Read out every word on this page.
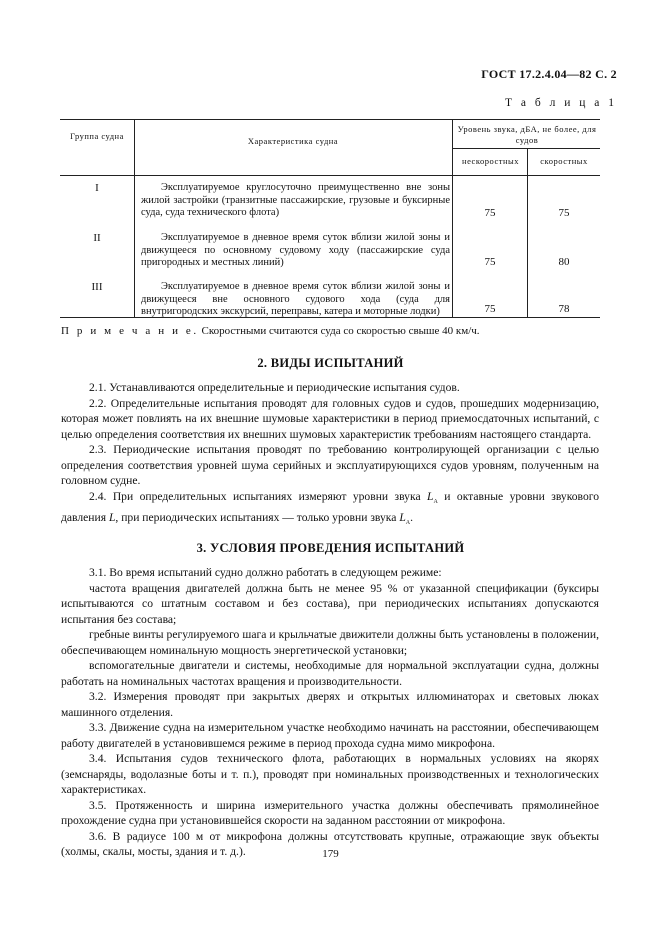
ГОСТ 17.2.4.04—82 С. 2
Т а б л и ц а 1
Группа судна	Характеристика судна
Уровень звука, дБА, не более, для судов
нескоростных	скоростных
I	Эксплуатируемое круглосуточно преимущественно вне зоны жилой застройки (транзитные пассажирские, грузовые и буксирные суда, суда технического флота)	75	75
II	Эксплуатируемое в дневное время суток вблизи жилой зоны и движущееся по основному судовому ходу (пассажирские суда пригородных и местных линий)	75	80
III	Эксплуатируемое в дневное время суток вблизи жилой зоны и движущееся вне основного судового хода (суда для внутригородских экскурсий, переправы, катера и моторные лодки)	75	78
П р и м е ч а н и е. Скоростными считаются суда со скоростью свыше 40 км/ч.
2. ВИДЫ ИСПЫТАНИЙ

2.1. Устанавливаются определительные и периодические испытания судов.

2.2. Определительные испытания проводят для головных судов и судов, прошедших модернизацию, которая может повлиять на их внешние шумовые характеристики в период приемосдаточных испытаний, с целью определения соответствия их внешних шумовых характеристик требованиям настоящего стандарта.

2.3. Периодические испытания проводят по требованию контролирующей организации с целью определения соответствия уровней шума серийных и эксплуатирующихся судов уровням, полученным на головном судне.

2.4. При определительных испытаниях измеряют уровни звука $L_А$ и октавные уровни звукового давления L, при периодических испытаниях — только уровни звука $L_А$.

3. УСЛОВИЯ ПРОВЕДЕНИЯ ИСПЫТАНИЙ

3.1. Во время испытаний судно должно работать в следующем режиме:

частота вращения двигателей должна быть не менее 95 % от указанной спецификации (буксиры испытываются со штатным составом и без состава), при периодических испытаниях допускаются испытания без состава;

гребные винты регулируемого шага и крыльчатые движители должны быть установлены в положении, обеспечивающем номинальную мощность энергетической установки;

вспомогательные двигатели и системы, необходимые для нормальной эксплуатации судна, должны работать на номинальных частотах вращения и производительности.

3.2. Измерения проводят при закрытых дверях и открытых иллюминаторах и световых люках машинного отделения.

3.3. Движение судна на измерительном участке необходимо начинать на расстоянии, обеспечивающем работу двигателей в установившемся режиме в период прохода судна мимо микрофона.

3.4. Испытания судов технического флота, работающих в нормальных условиях на якорях (земснаряды, водолазные боты и т. п.), проводят при номинальных производственных и технологических характеристиках.

3.5. Протяженность и ширина измерительного участка должны обеспечивать прямолинейное прохождение судна при установившейся скорости на заданном расстоянии от микрофона.

3.6. В радиусе 100 м от микрофона должны отсутствовать крупные, отражающие звук объекты (холмы, скалы, мосты, здания и т. д.).	179
